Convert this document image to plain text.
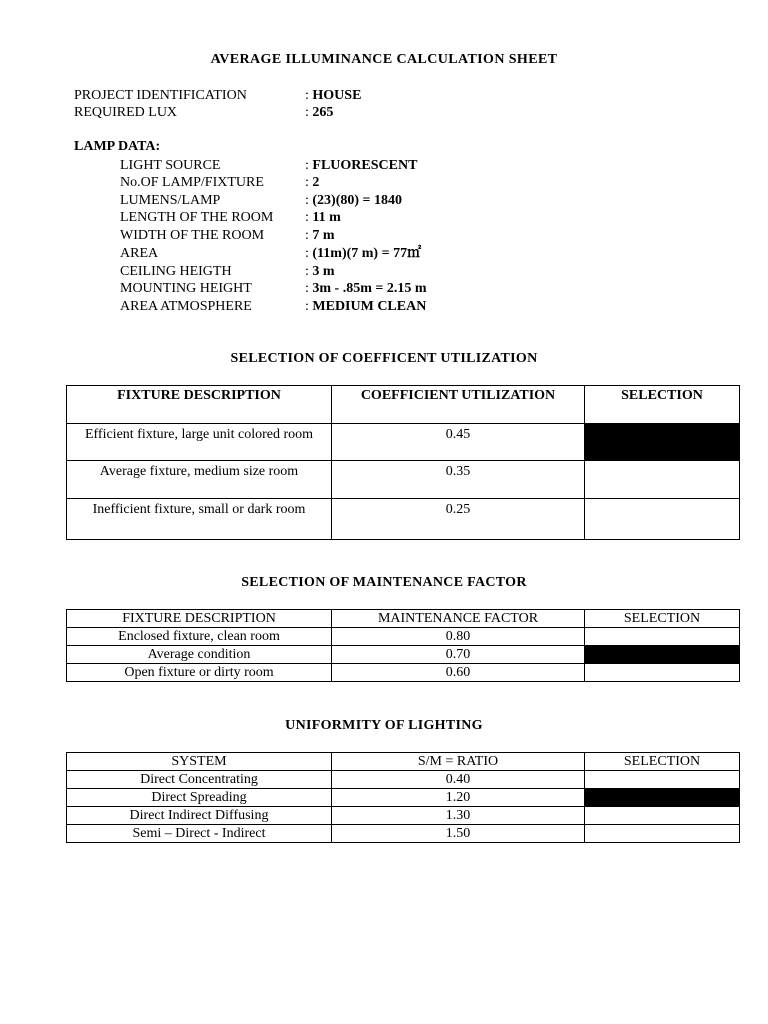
AVERAGE ILLUMINANCE CALCULATION SHEET
PROJECT IDENTIFICATION	: HOUSE
REQUIRED LUX	: 265
LAMP DATA:
LIGHT SOURCE	: FLUORESCENT
No.OF LAMP/FIXTURE	: 2
LUMENS/LAMP	: (23)(80) = 1840
LENGTH OF THE ROOM : 11 m
WIDTH OF THE ROOM	: 7 m
AREA	: (11m)(7 m) = 77㎡
CEILING HEIGTH	: 3 m
MOUNTING HEIGHT	: 3m - .85m = 2.15 m
AREA ATMOSPHERE	: MEDIUM CLEAN
SELECTION OF COEFFICENT UTILIZATION
FIXTURE DESCRIPTION	COEFFICIENT UTILIZATION	SELECTION
Efficient fixture, large unit colored room	0.45	
Average fixture, medium size room	0.35	
Inefficient fixture, small or dark room	0.25	
SELECTION OF MAINTENANCE FACTOR
FIXTURE DESCRIPTION	MAINTENANCE FACTOR	SELECTION
Enclosed fixture, clean room	0.80	
Average condition	0.70	
Open fixture or dirty room	0.60	
UNIFORMITY OF LIGHTING
SYSTEM	S/M = RATIO	SELECTION
Direct Concentrating	0.40	
Direct Spreading	1.20	
Direct Indirect Diffusing	1.30	
Semi – Direct - Indirect	1.50	
